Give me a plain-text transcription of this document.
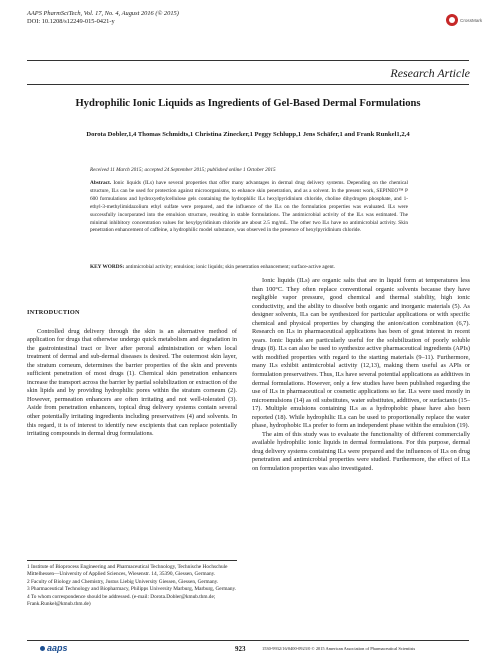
AAPS PharmSciTech, Vol. 17, No. 4, August 2016 (© 2015)
DOI: 10.1208/s12249-015-0421-y	CrossMark
Research Article
Hydrophilic Ionic Liquids as Ingredients of Gel-Based Dermal Formulations
Dorota Dobler,1,4 Thomas Schmidts,1 Christina Zinecker,1 Peggy Schlupp,1 Jens Schäfer,1 and Frank Runkel1,2,4
Received 11 March 2015; accepted 24 September 2015; published online 1 October 2015
Abstract. Ionic liquids (ILs) have several properties that offer many advantages in dermal drug delivery systems. Depending on the chemical structure, ILs can be used for protection against microorganisms, to enhance skin penetration, and as a solvent. In the present work, SEPINEO™ P 600 formulations and hydroxyethylcellulose gels containing the hydrophilic ILs hexylpyridinium chloride, choline dihydrogen phosphate, and 1-ethyl-3-methylimidazolium ethyl sulfate were prepared, and the influence of the ILs on the formulation properties was evaluated. ILs were successfully incorporated into the emulsion structure, resulting in stable formulations. The antimicrobial activity of the ILs was estimated. The minimal inhibitory concentration values for hexylpyridinium chloride are about 2.5 mg/mL. The other two ILs have no antimicrobial activity. Skin penetration enhancement of caffeine, a hydrophilic model substance, was observed in the presence of hexylpyridinium chloride.
KEY WORDS: antimicrobial activity; emulsion; ionic liquids; skin penetration enhancement; surface-active agent.
INTRODUCTION

Controlled drug delivery through the skin is an alternative method of application for drugs that otherwise undergo quick metabolism and degradation in the gastrointestinal tract or liver after peroral administration or when local treatment of dermal and sub-dermal diseases is desired. The outermost skin layer, the stratum corneum, determines the barrier properties of the skin and prevents sufficient penetration of most drugs (1). Chemical skin penetration enhancers increase the transport across the barrier by partial solubilization or extraction of the skin lipids and by providing hydrophilic pores within the stratum corneum (2). However, permeation enhancers are often irritating and not well-tolerated (3). Aside from penetration enhancers, topical drug delivery systems contain several other potentially irritating ingredients including preservatives (4) and solvents. In this regard, it is of interest to identify new excipients that can replace potentially irritating compounds in dermal drug formulations.

Ionic liquids (ILs) are organic salts that are in liquid form at temperatures less than 100°C. They often replace conventional organic solvents because they have negligible vapor pressure, good chemical and thermal stability, high ionic conductivity, and the ability to dissolve both organic and inorganic materials (5). As designer solvents, ILs can be synthesized for particular applications or with specific chemical and physical properties by changing the anion/cation combination (6,7). Research on ILs in pharmaceutical applications has been of great interest in recent years. Ionic liquids are particularly useful for the solubilization of poorly soluble drugs (8). ILs can also be used to synthesize active pharmaceutical ingredients (APIs) with modified properties with regard to the starting materials (9–11). Furthermore, many ILs exhibit antimicrobial activity (12,13), making them useful as APIs or formulation preservatives. Thus, ILs have several potential applications as additives in dermal formulations. However, only a few studies have been published regarding the use of ILs in pharmaceutical or cosmetic applications so far. ILs were used mostly in microemulsions (14) as oil substitutes, water substitutes, additives, or surfactants (15–17). Multiple emulsions containing ILs as a hydrophobic phase have also been reported (18). While hydrophilic ILs can be used to proportionally replace the water phase, hydrophobic ILs prefer to form an independent phase within the emulsion (19).

The aim of this study was to evaluate the functionality of different commercially available hydrophilic ionic liquids in dermal formulations. For this purpose, dermal drug delivery systems containing ILs were prepared and the influences of ILs on drug penetration and antimicrobial properties were studied. Furthermore, the effect of ILs on formulation properties was also investigated.

1 Institute of Bioprocess Engineering and Pharmaceutical Technology, Technische Hochschule Mittelhessen—University of Applied Sciences, Wiesenstr. 14, 35390, Giessen, Germany.
2 Faculty of Biology and Chemistry, Justus Liebig University Giessen, Giessen, Germany.
3 Pharmaceutical Technology and Biopharmacy, Philipps University Marburg, Marburg, Germany.
4 To whom correspondence should be addressed. (e-mail: Dorota.Dobler@kmub.thm.de; Frank.Runkel@kmub.thm.de)
aaps	923	1530-9932/16/0400-0923/0 © 2015 American Association of Pharmaceutical Scientists
